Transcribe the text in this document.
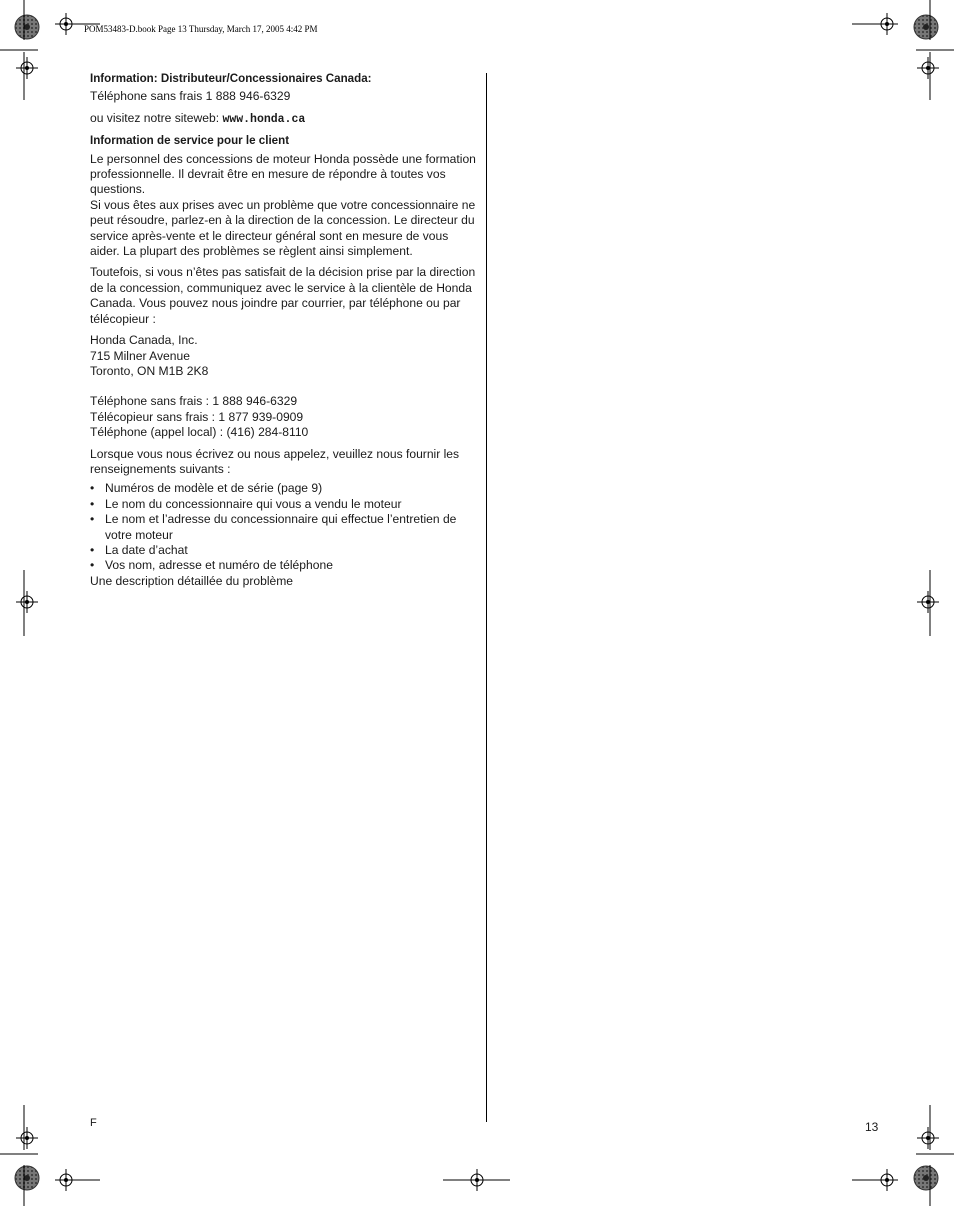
POM53483-D.book Page 13 Thursday, March 17, 2005 4:42 PM

Information: Distributeur/Concessionaires Canada:

Téléphone sans frais 1 888 946-6329

ou visitez notre siteweb: www.honda.ca

Information de service pour le client

Le personnel des concessions de moteur Honda possède une formation professionnelle. Il devrait être en mesure de répondre à toutes vos questions.

Si vous êtes aux prises avec un problème que votre concessionnaire ne peut résoudre, parlez-en à la direction de la concession. Le directeur du service après-vente et le directeur général sont en mesure de vous aider. La plupart des problèmes se règlent ainsi simplement.

Toutefois, si vous n’êtes pas satisfait de la décision prise par la direction de la concession, communiquez avec le service à la clientèle de Honda Canada. Vous pouvez nous joindre par courrier, par téléphone ou par télécopieur :

Honda Canada, Inc.

715 Milner Avenue

Toronto, ON M1B 2K8

Téléphone sans frais : 1 888 946-6329

Télécopieur sans frais : 1 877 939-0909

Téléphone (appel local) : (416) 284-8110

Lorsque vous nous écrivez ou nous appelez, veuillez nous fournir les renseignements suivants :

• Numéros de modèle et de série (page 9)
• Le nom du concessionnaire qui vous a vendu le moteur
• Le nom et l’adresse du concessionnaire qui effectue l’entretien de votre moteur
• La date d’achat
• Vos nom, adresse et numéro de téléphone

Une description détaillée du problème

F	13
